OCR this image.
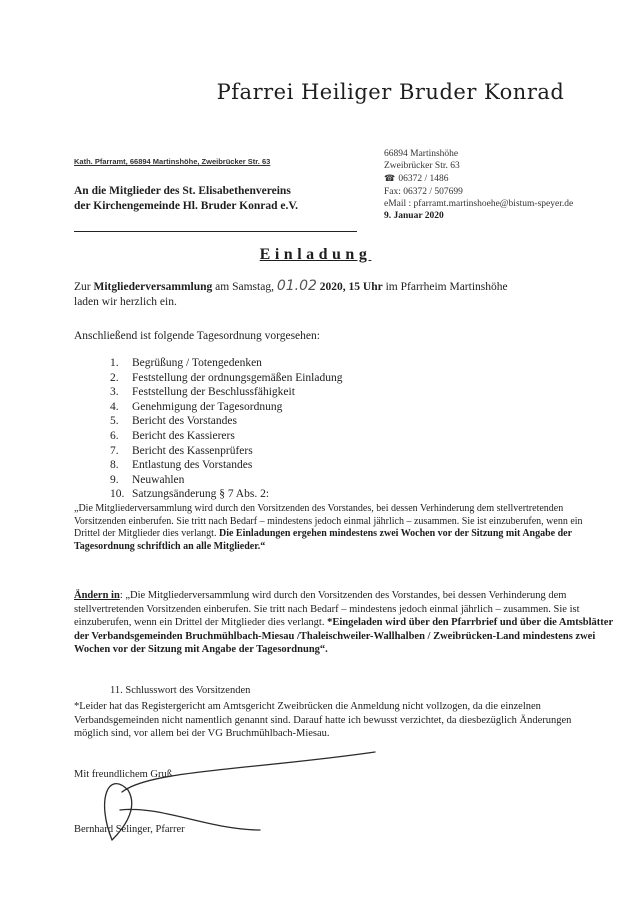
Pfarrei Heiliger Bruder Konrad
Kath. Pfarramt, 66894 Martinshöhe, Zweibrücker Str. 63
An die Mitglieder des St. Elisabethenvereins
der Kirchengemeinde Hl. Bruder Konrad e.V.
66894 Martinshöhe
Zweibrücker Str. 63
☎ 06372 / 1486
Fax: 06372 / 507699
eMail : pfarramt.martinshoehe@bistum-speyer.de
9. Januar 2020
Einladung
Zur Mitgliederversammlung am Samstag, 01.02 2020, 15 Uhr im Pfarrheim Martinshöhe
laden wir herzlich ein.
Anschließend ist folgende Tagesordnung vorgesehen:
1. Begrüßung / Totengedenken
2. Feststellung der ordnungsgemäßen Einladung
3. Feststellung der Beschlussfähigkeit
4. Genehmigung der Tagesordnung
5. Bericht des Vorstandes
6. Bericht des Kassierers
7. Bericht des Kassenprüfers
8. Entlastung des Vorstandes
9. Neuwahlen
10. Satzungsänderung § 7 Abs. 2:
„Die Mitgliederversammlung wird durch den Vorsitzenden des Vorstandes, bei dessen Verhinderung dem stellvertretenden Vorsitzenden einberufen. Sie tritt nach Bedarf – mindestens jedoch einmal jährlich – zusammen. Sie ist einzuberufen, wenn ein Drittel der Mitglieder dies verlangt. Die Einladungen ergehen mindestens zwei Wochen vor der Sitzung mit Angabe der Tagesordnung schriftlich an alle Mitglieder.“
Ändern in: „Die Mitgliederversammlung wird durch den Vorsitzenden des Vorstandes, bei dessen Verhinderung dem stellvertretenden Vorsitzenden einberufen. Sie tritt nach Bedarf – mindestens jedoch einmal jährlich – zusammen. Sie ist einzuberufen, wenn ein Drittel der Mitglieder dies verlangt. *Eingeladen wird über den Pfarrbrief und über die Amtsblätter der Verbandsgemeinden Bruchmühlbach-Miesau /Thaleischweiler-Wallhalben / Zweibrücken-Land mindestens zwei Wochen vor der Sitzung mit Angabe der Tagesordnung“.
11. Schlusswort des Vorsitzenden
*Leider hat das Registergericht am Amtsgericht Zweibrücken die Anmeldung nicht vollzogen, da die einzelnen Verbandsgemeinden nicht namentlich genannt sind. Darauf hatte ich bewusst verzichtet, da diesbezüglich Änderungen möglich sind, vor allem bei der VG Bruchmühlbach-Miesau.
Mit freundlichem Gruß
Bernhard Selinger, Pfarrer
